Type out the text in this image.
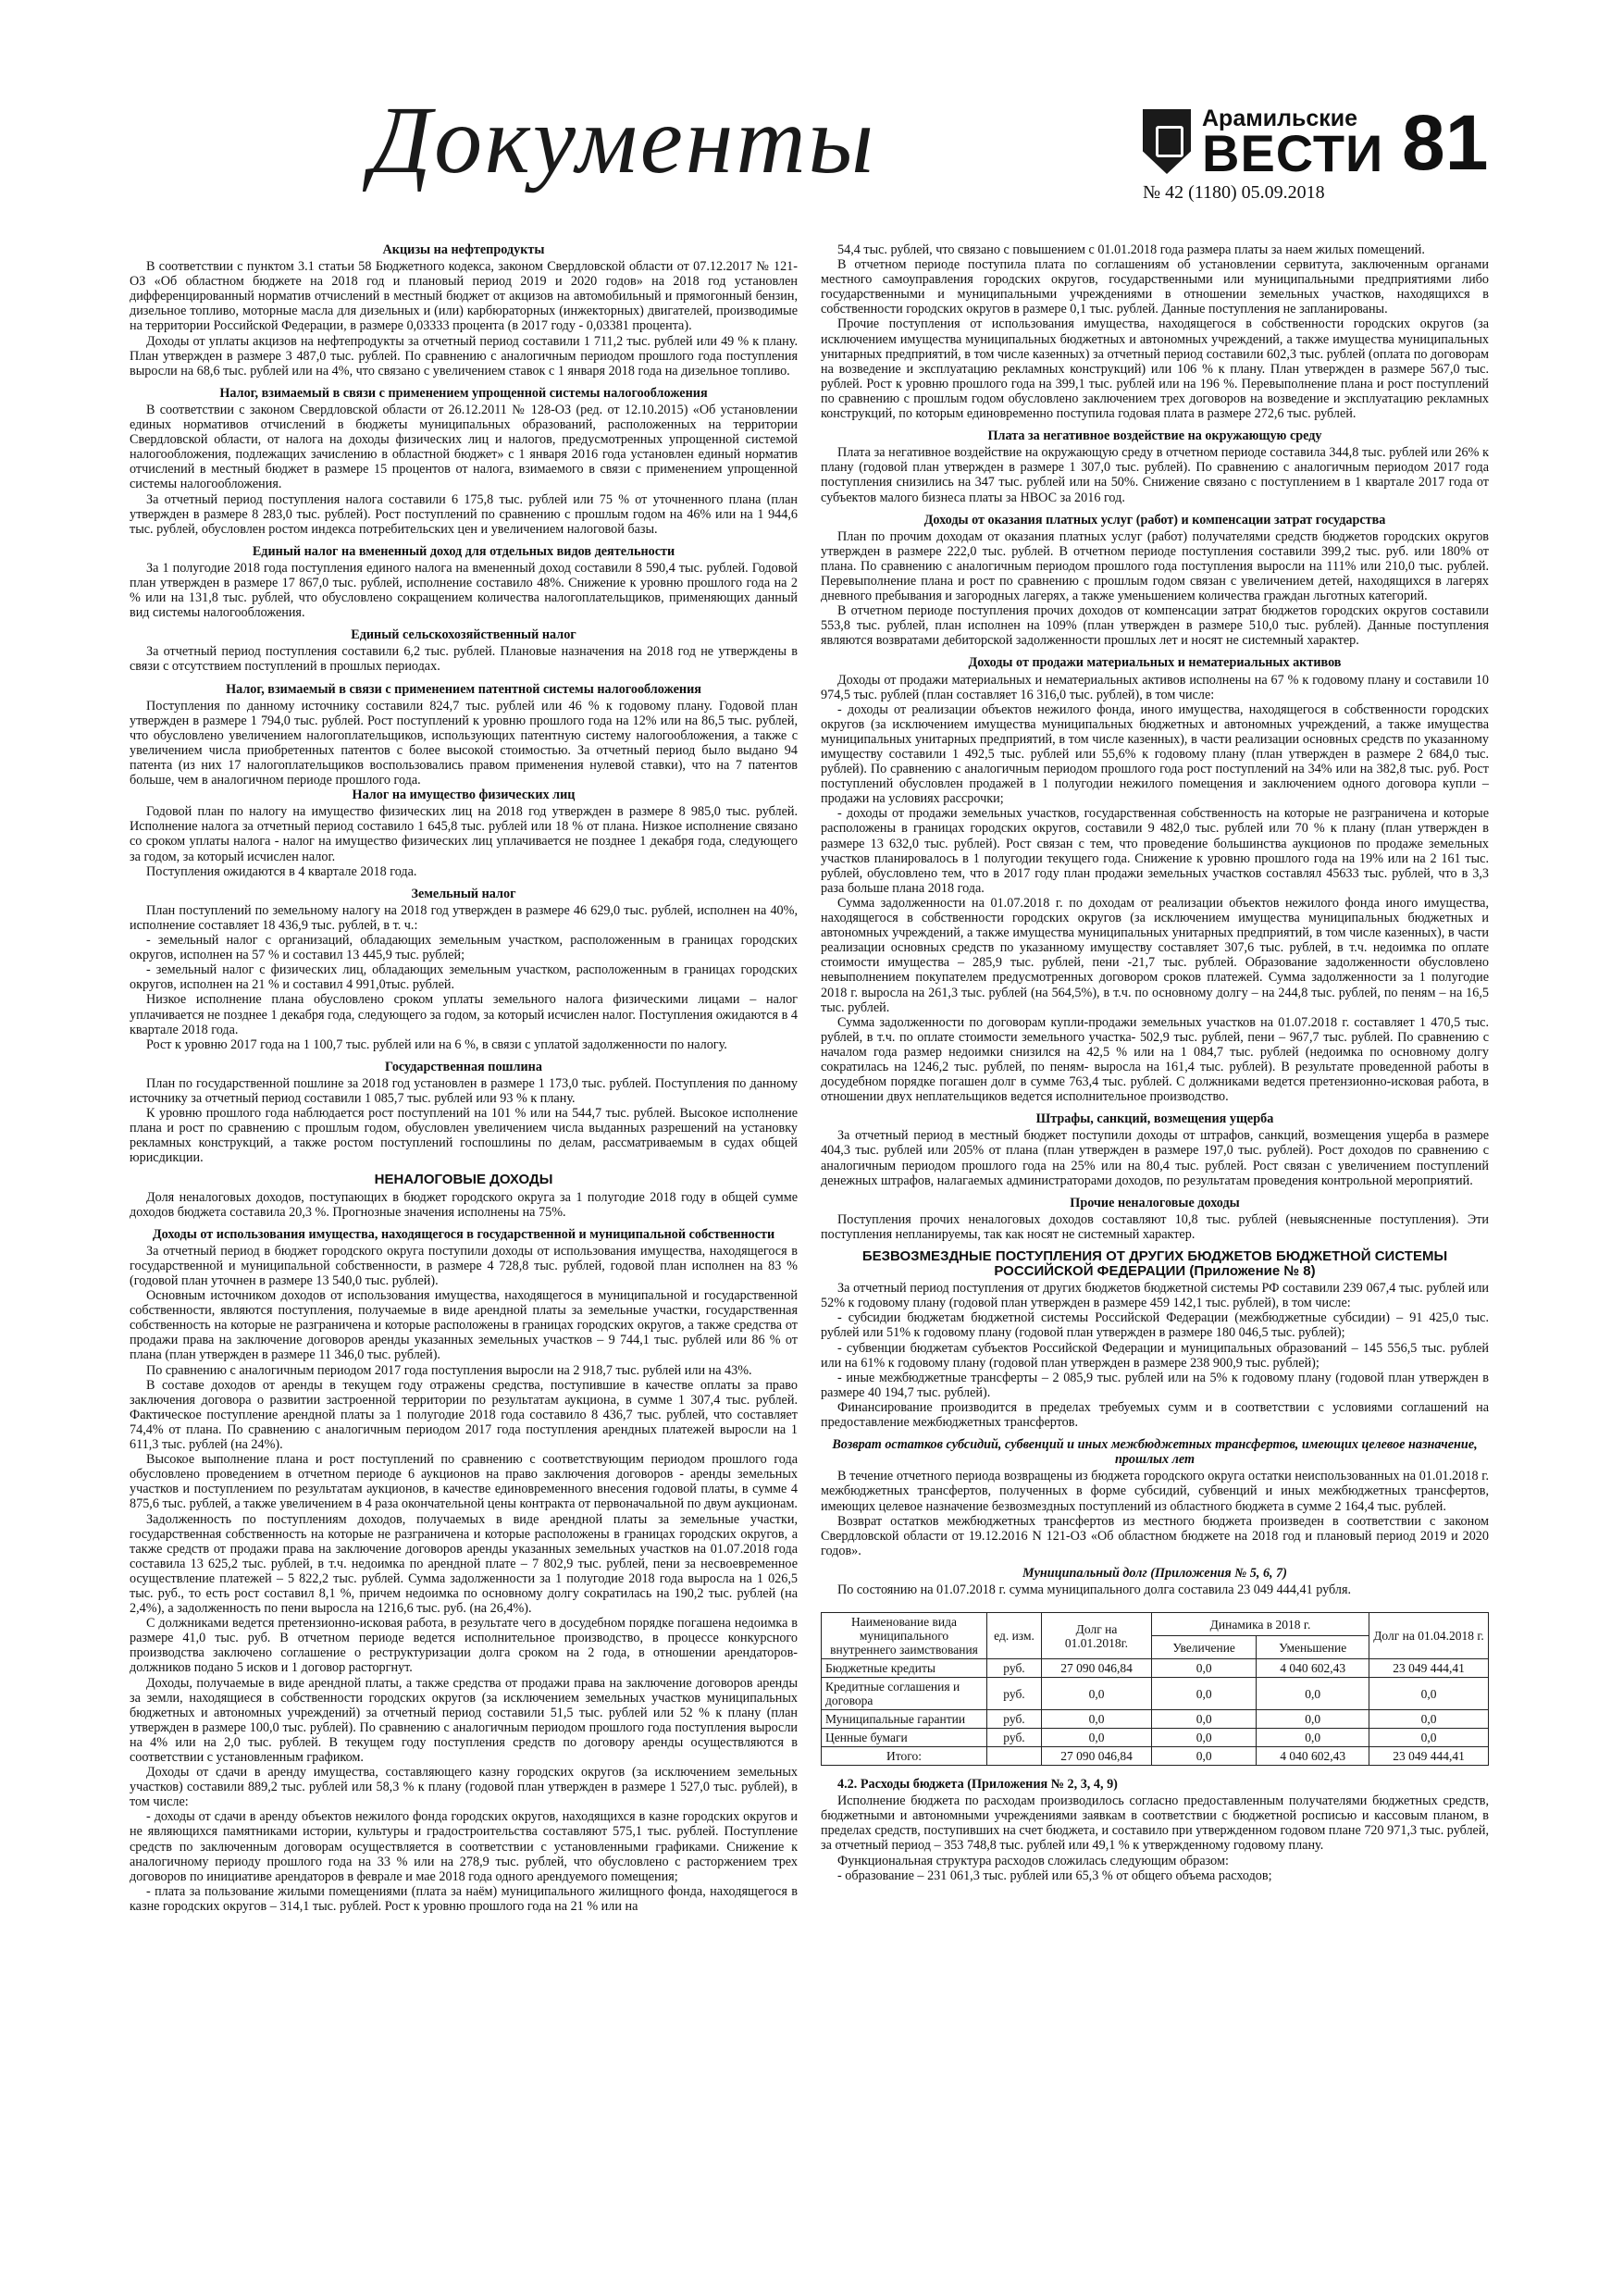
Документы	Арамильские
ВЕСТИ
№ 42 (1180) 05.09.2018
81
Акцизы на нефтепродукты

В соответствии с пунктом 3.1 статьи 58 Бюджетного кодекса, законом Свердловской области от 07.12.2017 № 121-ОЗ «Об областном бюджете на 2018 год и плановый период 2019 и 2020 годов» на 2018 год установлен дифференцированный норматив отчислений в местный бюджет от акцизов на автомобильный и прямогонный бензин, дизельное топливо, моторные масла для дизельных и (или) карбюраторных (инжекторных) двигателей, производимые на территории Российской Федерации, в размере 0,03333 процента (в 2017 году - 0,03381 процента).

Доходы от уплаты акцизов на нефтепродукты за отчетный период составили 1 711,2 тыс. рублей или 49 % к плану. План утвержден в размере 3 487,0 тыс. рублей. По сравнению с аналогичным периодом прошлого года поступления выросли на 68,6 тыс. рублей или на 4%, что связано с увеличением ставок с 1 января 2018 года на дизельное топливо.

Налог, взимаемый в связи с применением упрощенной системы налогообложения

В соответствии с законом Свердловской области от 26.12.2011 № 128-ОЗ (ред. от 12.10.2015) «Об установлении единых нормативов отчислений в бюджеты муниципальных образований, расположенных на территории Свердловской области, от налога на доходы физических лиц и налогов, предусмотренных упрощенной системой налогообложения, подлежащих зачислению в областной бюджет» с 1 января 2016 года установлен единый норматив отчислений в местный бюджет в размере 15 процентов от налога, взимаемого в связи с применением упрощенной системы налогообложения.

За отчетный период поступления налога составили 6 175,8 тыс. рублей или 75 % от уточненного плана (план утвержден в размере 8 283,0 тыс. рублей). Рост поступлений по сравнению с прошлым годом на 46% или на 1 944,6 тыс. рублей, обусловлен ростом индекса потребительских цен и увеличением налоговой базы.

Единый налог на вмененный доход для отдельных видов деятельности

За 1 полугодие 2018 года поступления единого налога на вмененный доход составили 8 590,4 тыс. рублей. Годовой план утвержден в размере 17 867,0 тыс. рублей, исполнение составило 48%. Снижение к уровню прошлого года на 2 % или на 131,8 тыс. рублей, что обусловлено сокращением количества налогоплательщиков, применяющих данный вид системы налогообложения.

Единый сельскохозяйственный налог

За отчетный период поступления составили 6,2 тыс. рублей. Плановые назначения на 2018 год не утверждены в связи с отсутствием поступлений в прошлых периодах.

Налог, взимаемый в связи с применением патентной системы налогообложения

Поступления по данному источнику составили 824,7 тыс. рублей или 46 % к годовому плану. Годовой план утвержден в размере 1 794,0 тыс. рублей. Рост поступлений к уровню прошлого года на 12% или на 86,5 тыс. рублей, что обусловлено увеличением налогоплательщиков, использующих патентную систему налогообложения, а также с увеличением числа приобретенных патентов с более высокой стоимостью. За отчетный период было выдано 94 патента (из них 17 налогоплательщиков воспользовались правом применения нулевой ставки), что на 7 патентов больше, чем в аналогичном периоде прошлого года.

Налог на имущество физических лиц

Годовой план по налогу на имущество физических лиц на 2018 год утвержден в размере 8 985,0 тыс. рублей. Исполнение налога за отчетный период составило 1 645,8 тыс. рублей или 18 % от плана. Низкое исполнение связано со сроком уплаты налога - налог на имущество физических лиц уплачивается не позднее 1 декабря года, следующего за годом, за который исчислен налог.

Поступления ожидаются в 4 квартале 2018 года.

Земельный налог

План поступлений по земельному налогу на 2018 год утвержден в размере 46 629,0 тыс. рублей, исполнен на 40%, исполнение составляет 18 436,9 тыс. рублей, в т. ч.:

- земельный налог с организаций, обладающих земельным участком, расположенным в границах городских округов, исполнен на 57 % и составил 13 445,9 тыс. рублей;

- земельный налог с физических лиц, обладающих земельным участком, расположенным в границах городских округов, исполнен на 21 % и составил 4 991,0тыс. рублей.

Низкое исполнение плана обусловлено сроком уплаты земельного налога физическими лицами – налог уплачивается не позднее 1 декабря года, следующего за годом, за который исчислен налог. Поступления ожидаются в 4 квартале 2018 года.

Рост к уровню 2017 года на 1 100,7 тыс. рублей или на 6 %, в связи с уплатой задолженности по налогу.

Государственная пошлина

План по государственной пошлине за 2018 год установлен в размере 1 173,0 тыс. рублей. Поступления по данному источнику за отчетный период составили 1 085,7 тыс. рублей или 93 % к плану.

К уровню прошлого года наблюдается рост поступлений на 101 % или на 544,7 тыс. рублей. Высокое исполнение плана и рост по сравнению с прошлым годом, обусловлен увеличением числа выданных разрешений на установку рекламных конструкций, а также ростом поступлений госпошлины по делам, рассматриваемым в судах общей юрисдикции.

НЕНАЛОГОВЫЕ ДОХОДЫ

Доля неналоговых доходов, поступающих в бюджет городского округа за 1 полугодие 2018 году в общей сумме доходов бюджета составила 20,3 %. Прогнозные значения исполнены на 75%.

Доходы от использования имущества, находящегося в государственной и муниципальной собственности

За отчетный период в бюджет городского округа поступили доходы от использования имущества, находящегося в государственной и муниципальной собственности, в размере 4 728,8 тыс. рублей, годовой план исполнен на 83 % (годовой план уточнен в размере 13 540,0 тыс. рублей).

Основным источником доходов от использования имущества, находящегося в муниципальной и государственной собственности, являются поступления, получаемые в виде арендной платы за земельные участки, государственная собственность на которые не разграничена и которые расположены в границах городских округов, а также средства от продажи права на заключение договоров аренды указанных земельных участков – 9 744,1 тыс. рублей или 86 % от плана (план утвержден в размере 11 346,0 тыс. рублей).

По сравнению с аналогичным периодом 2017 года поступления выросли на 2 918,7 тыс. рублей или на 43%.

В составе доходов от аренды в текущем году отражены средства, поступившие в качестве оплаты за право заключения договора о развитии застроенной территории по результатам аукциона, в сумме 1 307,4 тыс. рублей. Фактическое поступление арендной платы за 1 полугодие 2018 года составило 8 436,7 тыс. рублей, что составляет 74,4% от плана. По сравнению с аналогичным периодом 2017 года поступления арендных платежей выросли на 1 611,3 тыс. рублей (на 24%).

Высокое выполнение плана и рост поступлений по сравнению с соответствующим периодом прошлого года обусловлено проведением в отчетном периоде 6 аукционов на право заключения договоров - аренды земельных участков и поступлением по результатам аукционов, в качестве единовременного внесения годовой платы, в сумме 4 875,6 тыс. рублей, а также увеличением в 4 раза окончательной цены контракта от первоначальной по двум аукционам.

Задолженность по поступлениям доходов, получаемых в виде арендной платы за земельные участки, государственная собственность на которые не разграничена и которые расположены в границах городских округов, а также средств от продажи права на заключение договоров аренды указанных земельных участков на 01.07.2018 года составила 13 625,2 тыс. рублей, в т.ч. недоимка по арендной плате – 7 802,9 тыс. рублей, пени за несвоевременное осуществление платежей – 5 822,2 тыс. рублей. Сумма задолженности за 1 полугодие 2018 года выросла на 1 026,5 тыс. руб., то есть рост составил 8,1 %, причем недоимка по основному долгу сократилась на 190,2 тыс. рублей (на 2,4%), а задолженность по пени выросла на 1216,6 тыс. руб. (на 26,4%).

С должниками ведется претензионно-исковая работа, в результате чего в досудебном порядке погашена недоимка в размере 41,0 тыс. руб. В отчетном периоде ведется исполнительное производство, в процессе конкурсного производства заключено соглашение о реструктуризации долга сроком на 2 года, в отношении арендаторов- должников подано 5 исков и 1 договор расторгнут.

Доходы, получаемые в виде арендной платы, а также средства от продажи права на заключение договоров аренды за земли, находящиеся в собственности городских округов (за исключением земельных участков муниципальных бюджетных и автономных учреждений) за отчетный период составили 51,5 тыс. рублей или 52 % к плану (план утвержден в размере 100,0 тыс. рублей). По сравнению с аналогичным периодом прошлого года поступления выросли на 4% или на 2,0 тыс. рублей. В текущем году поступления средств по договору аренды осуществляются в соответствии с установленным графиком.

Доходы от сдачи в аренду имущества, составляющего казну городских округов (за исключением земельных участков) составили 889,2 тыс. рублей или 58,3 % к плану (годовой план утвержден в размере 1 527,0 тыс. рублей), в том числе:

- доходы от сдачи в аренду объектов нежилого фонда городских округов, находящихся в казне городских округов и не являющихся памятниками истории, культуры и градостроительства составляют 575,1 тыс. рублей. Поступление средств по заключенным договорам осуществляется в соответствии с установленными графиками. Снижение к аналогичному периоду прошлого года на 33 % или на 278,9 тыс. рублей, что обусловлено с расторжением трех договоров по инициативе арендаторов в феврале и мае 2018 года одного арендуемого помещения;

- плата за пользование жилыми помещениями (плата за наём) муниципального жилищного фонда, находящегося в казне городских округов – 314,1 тыс. рублей. Рост к уровню прошлого года на 21 % или на

54,4 тыс. рублей, что связано с повышением с 01.01.2018 года размера платы за наем жилых помещений.

В отчетном периоде поступила плата по соглашениям об установлении сервитута, заключенным органами местного самоуправления городских округов, государственными или муниципальными предприятиями либо государственными и муниципальными учреждениями в отношении земельных участков, находящихся в собственности городских округов в размере 0,1 тыс. рублей. Данные поступления не запланированы.

Прочие поступления от использования имущества, находящегося в собственности городских округов (за исключением имущества муниципальных бюджетных и автономных учреждений, а также имущества муниципальных унитарных предприятий, в том числе казенных) за отчетный период составили 602,3 тыс. рублей (оплата по договорам на возведение и эксплуатацию рекламных конструкций) или 106 % к плану. План утвержден в размере 567,0 тыс. рублей. Рост к уровню прошлого года на 399,1 тыс. рублей или на 196 %. Перевыполнение плана и рост поступлений по сравнению с прошлым годом обусловлено заключением трех договоров на возведение и эксплуатацию рекламных конструкций, по которым единовременно поступила годовая плата в размере 272,6 тыс. рублей.

Плата за негативное воздействие на окружающую среду

Плата за негативное воздействие на окружающую среду в отчетном периоде составила 344,8 тыс. рублей или 26% к плану (годовой план утвержден в размере 1 307,0 тыс. рублей). По сравнению с аналогичным периодом 2017 года поступления снизились на 347 тыс. рублей или на 50%. Снижение связано с поступлением в 1 квартале 2017 года от субъектов малого бизнеса платы за НВОС за 2016 год.

Доходы от оказания платных услуг (работ) и компенсации затрат государства

План по прочим доходам от оказания платных услуг (работ) получателями средств бюджетов городских округов утвержден в размере 222,0 тыс. рублей. В отчетном периоде поступления составили 399,2 тыс. руб. или 180% от плана. По сравнению с аналогичным периодом прошлого года поступления выросли на 111% или 210,0 тыс. рублей. Перевыполнение плана и рост по сравнению с прошлым годом связан с увеличением детей, находящихся в лагерях дневного пребывания и загородных лагерях, а также уменьшением количества граждан льготных категорий.

В отчетном периоде поступления прочих доходов от компенсации затрат бюджетов городских округов составили 553,8 тыс. рублей, план исполнен на 109% (план утвержден в размере 510,0 тыс. рублей). Данные поступления являются возвратами дебиторской задолженности прошлых лет и носят не системный характер.

Доходы от продажи материальных и нематериальных активов

Доходы от продажи материальных и нематериальных активов исполнены на 67 % к годовому плану и составили 10 974,5 тыс. рублей (план составляет 16 316,0 тыс. рублей), в том числе:

- доходы от реализации объектов нежилого фонда, иного имущества, находящегося в собственности городских округов (за исключением имущества муниципальных бюджетных и автономных учреждений, а также имущества муниципальных унитарных предприятий, в том числе казенных), в части реализации основных средств по указанному имуществу составили 1 492,5 тыс. рублей или 55,6% к годовому плану (план утвержден в размере 2 684,0 тыс. рублей). По сравнению с аналогичным периодом прошлого года рост поступлений на 34% или на 382,8 тыс. руб. Рост поступлений обусловлен продажей в 1 полугодии нежилого помещения и заключением одного договора купли –продажи на условиях рассрочки;

- доходы от продажи земельных участков, государственная собственность на которые не разграничена и которые расположены в границах городских округов, составили 9 482,0 тыс. рублей или 70 % к плану (план утвержден в размере 13 632,0 тыс. рублей). Рост связан с тем, что проведение большинства аукционов по продаже земельных участков планировалось в 1 полугодии текущего года. Снижение к уровню прошлого года на 19% или на 2 161 тыс. рублей, обусловлено тем, что в 2017 году план продажи земельных участков составлял 45633 тыс. рублей, что в 3,3 раза больше плана 2018 года.

Сумма задолженности на 01.07.2018 г. по доходам от реализации объектов нежилого фонда иного имущества, находящегося в собственности городских округов (за исключением имущества муниципальных бюджетных и автономных учреждений, а также имущества муниципальных унитарных предприятий, в том числе казенных), в части реализации основных средств по указанному имуществу составляет 307,6 тыс. рублей, в т.ч. недоимка по оплате стоимости имущества – 285,9 тыс. рублей, пени -21,7 тыс. рублей. Образование задолженности обусловлено невыполнением покупателем предусмотренных договором сроков платежей. Сумма задолженности за 1 полугодие 2018 г. выросла на 261,3 тыс. рублей (на 564,5%), в т.ч. по основному долгу – на 244,8 тыс. рублей, по пеням – на 16,5 тыс. рублей.

Сумма задолженности по договорам купли-продажи земельных участков на 01.07.2018 г. составляет 1 470,5 тыс. рублей, в т.ч. по оплате стоимости земельного участка- 502,9 тыс. рублей, пени – 967,7 тыс. рублей. По сравнению с началом года размер недоимки снизился на 42,5 % или на 1 084,7 тыс. рублей (недоимка по основному долгу сократилась на 1246,2 тыс. рублей, по пеням- выросла на 161,4 тыс. рублей). В результате проведенной работы в досудебном порядке погашен долг в сумме 763,4 тыс. рублей. С должниками ведется претензионно-исковая работа, в отношении двух неплательщиков ведется исполнительное производство.

Штрафы, санкций, возмещения ущерба

За отчетный период в местный бюджет поступили доходы от штрафов, санкций, возмещения ущерба в размере 404,3 тыс. рублей или 205% от плана (план утвержден в размере 197,0 тыс. рублей). Рост доходов по сравнению с аналогичным периодом прошлого года на 25% или на 80,4 тыс. рублей. Рост связан с увеличением поступлений денежных штрафов, налагаемых администраторами доходов, по результатам проведения контрольной мероприятий.

Прочие неналоговые доходы

Поступления прочих неналоговых доходов составляют 10,8 тыс. рублей (невыясненные поступления). Эти поступления непланируемы, так как носят не системный характер.

БЕЗВОЗМЕЗДНЫЕ ПОСТУПЛЕНИЯ ОТ ДРУГИХ БЮДЖЕТОВ БЮДЖЕТНОЙ СИСТЕМЫ РОССИЙСКОЙ ФЕДЕРАЦИИ (Приложение № 8)

За отчетный период поступления от других бюджетов бюджетной системы РФ составили 239 067,4 тыс. рублей или 52% к годовому плану (годовой план утвержден в размере 459 142,1 тыс. рублей), в том числе:

- субсидии бюджетам бюджетной системы Российской Федерации (межбюджетные субсидии) – 91 425,0 тыс. рублей или 51% к годовому плану (годовой план утвержден в размере 180 046,5 тыс. рублей);

- субвенции бюджетам субъектов Российской Федерации и муниципальных образований – 145 556,5 тыс. рублей или на 61% к годовому плану (годовой план утвержден в размере 238 900,9 тыс. рублей);

- иные межбюджетные трансферты – 2 085,9 тыс. рублей или на 5% к годовому плану (годовой план утвержден в размере 40 194,7 тыс. рублей).

Финансирование производится в пределах требуемых сумм и в соответствии с условиями соглашений на предоставление межбюджетных трансфертов.

Возврат остатков субсидий, субвенций и иных межбюджетных трансфертов, имеющих целевое назначение, прошлых лет

В течение отчетного периода возвращены из бюджета городского округа остатки неиспользованных на 01.01.2018 г. межбюджетных трансфертов, полученных в форме субсидий, субвенций и иных межбюджетных трансфертов, имеющих целевое назначение безвозмездных поступлений из областного бюджета в сумме 2 164,4 тыс. рублей.

Возврат остатков межбюджетных трансфертов из местного бюджета произведен в соответствии с законом Свердловской области от 19.12.2016 N 121-ОЗ «Об областном бюджете на 2018 год и плановый период 2019 и 2020 годов».

Муниципальный долг (Приложения № 5, 6, 7)

По состоянию на 01.07.2018 г. сумма муниципального долга составила 23 049 444,41 рубля.

Наименование вида муниципального внутреннего заимствования	ед. изм.	Долг на 01.01.2018г.	Динамика в 2018 г.		Долг на 01.04.2018 г.
			Увеличение	Уменьшение	
Бюджетные кредиты	руб.	27 090 046,84	0,0	4 040 602,43	23 049 444,41
Кредитные соглашения и договора	руб.	0,0	0,0	0,0	0,0
Муниципальные гарантии	руб.	0,0	0,0	0,0	0,0
Ценные бумаги	руб.	0,0	0,0	0,0	0,0
Итого:		27 090 046,84	0,0	4 040 602,43	23 049 444,41
4.2. Расходы бюджета (Приложения № 2, 3, 4, 9)

Исполнение бюджета по расходам производилось согласно предоставленным получателями бюджетных средств, бюджетными и автономными учреждениями заявкам в соответствии с бюджетной росписью и кассовым планом, в пределах средств, поступивших на счет бюджета, и составило при утвержденном годовом плане 720 971,3 тыс. рублей, за отчетный период – 353 748,8 тыс. рублей или 49,1 % к утвержденному годовому плану.

Функциональная структура расходов сложилась следующим образом:

- образование – 231 061,3 тыс. рублей или 65,3 % от общего объема расходов;
